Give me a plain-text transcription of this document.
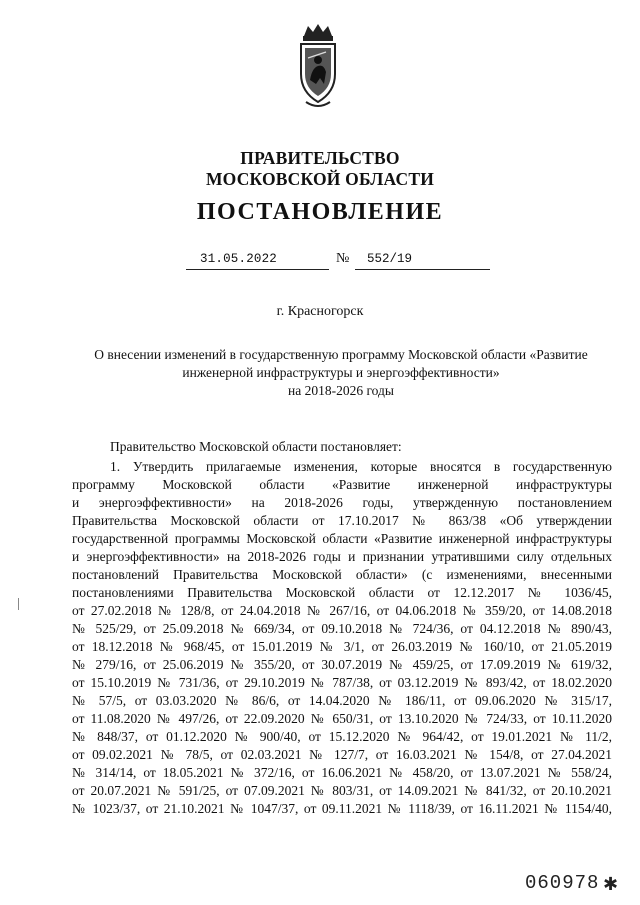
ПРАВИТЕЛЬСТВО
МОСКОВСКОЙ ОБЛАСТИ
ПОСТАНОВЛЕНИЕ
31.05.2022	№ 552/19
г. Красногорск
О внесении изменений в государственную программу Московской области «Развитие
инженерной инфраструктуры и энергоэффективности»
на 2018-2026 годы
Правительство Московской области постановляет:
1. Утвердить прилагаемые изменения, которые вносятся в государственную
программу Московской области «Развитие инженерной инфраструктуры
и энергоэффективности» на 2018-2026 годы, утвержденную постановлением
Правительства Московской области от 17.10.2017 № 863/38 «Об утверждении
государственной программы Московской области «Развитие инженерной инфраструктуры
и энергоэффективности» на 2018-2026 годы и признании утратившими силу отдельных
постановлений Правительства Московской области» (с изменениями, внесенными
постановлениями Правительства Московской области от 12.12.2017 № 1036/45,
от 27.02.2018 № 128/8, от 24.04.2018 № 267/16, от 04.06.2018 № 359/20, от 14.08.2018
№ 525/29, от 25.09.2018 № 669/34, от 09.10.2018 № 724/36, от 04.12.2018 № 890/43,
от 18.12.2018 № 968/45, от 15.01.2019 № 3/1, от 26.03.2019 № 160/10, от 21.05.2019
№ 279/16, от 25.06.2019 № 355/20, от 30.07.2019 № 459/25, от 17.09.2019 № 619/32,
от 15.10.2019 № 731/36, от 29.10.2019 № 787/38, от 03.12.2019 № 893/42, от 18.02.2020
№ 57/5, от 03.03.2020 № 86/6, от 14.04.2020 № 186/11, от 09.06.2020 № 315/17,
от 11.08.2020 № 497/26, от 22.09.2020 № 650/31, от 13.10.2020 № 724/33, от 10.11.2020
№ 848/37, от 01.12.2020 № 900/40, от 15.12.2020 № 964/42, от 19.01.2021 № 11/2,
от 09.02.2021 № 78/5, от 02.03.2021 № 127/7, от 16.03.2021 № 154/8, от 27.04.2021
№ 314/14, от 18.05.2021 № 372/16, от 16.06.2021 № 458/20, от 13.07.2021 № 558/24,
от 20.07.2021 № 591/25, от 07.09.2021 № 803/31, от 14.09.2021 № 841/32, от 20.10.2021
№ 1023/37, от 21.10.2021 № 1047/37, от 09.11.2021 № 1118/39, от 16.11.2021 № 1154/40,
060978 ✱
